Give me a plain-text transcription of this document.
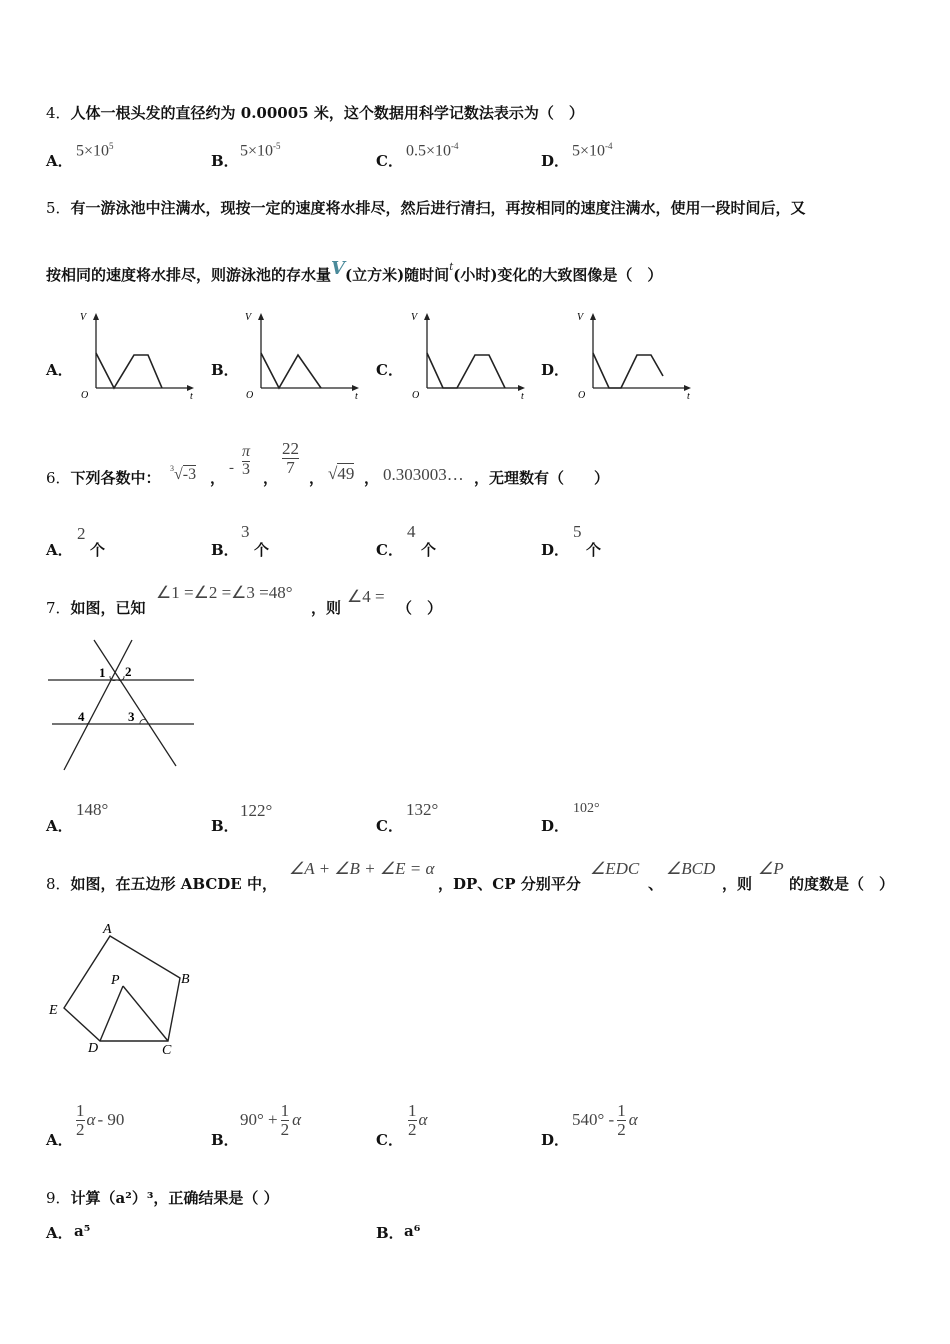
4．人体一根头发的直径约为 0.00005 米，这个数据用科学记数法表示为（　）
A．
$5\times 10^5$
B．
$5\times 10^{-5}$
C．
$0.5\times 10^{-4}$
D．
$5\times 10^{-4}$
5．有一游泳池中注满水，现按一定的速度将水排尽，然后进行清扫，再按相同的速度注满水，使用一段时间后，又
按相同的速度将水排尽，则游泳池的存水量V(立方米)随时间$^t$(小时)变化的大致图像是（　）
A．
V
O	t
B．
V
O	t
C．
V
O	t
D．
V
O	t
6．下列各数中：
$^3$√-3 ，
-
π
3 ，
22
7
， √49 ， 0.303003… ，无理数有（　　）
A．
2
个	B．
3
个	C．
4
个	D．
5
个
7．如图，已知
∠1 =∠2 =∠3 =48°
，则
∠4 =
（　）
1 2
3
4
A．
148°
B．
122°
C．
132°
D．
102°
8．如图，在五边形 ABCDE 中，
∠A + ∠B + ∠E = α
，DP、CP 分别平分
∠EDC
、
∠BCD
，则
∠P
的度数是（　）
A
B
C
D
E
P
A．
$\frac{1}{2}$ α - 90
B．
$90^\circ + \frac{1}{2}$ α
C．
$\frac{1}{2}$ α
D．
$540^\circ - \frac{1}{2}$ α
9．计算（a²）³，正确结果是（ ）
A． a⁵	B． a⁶
